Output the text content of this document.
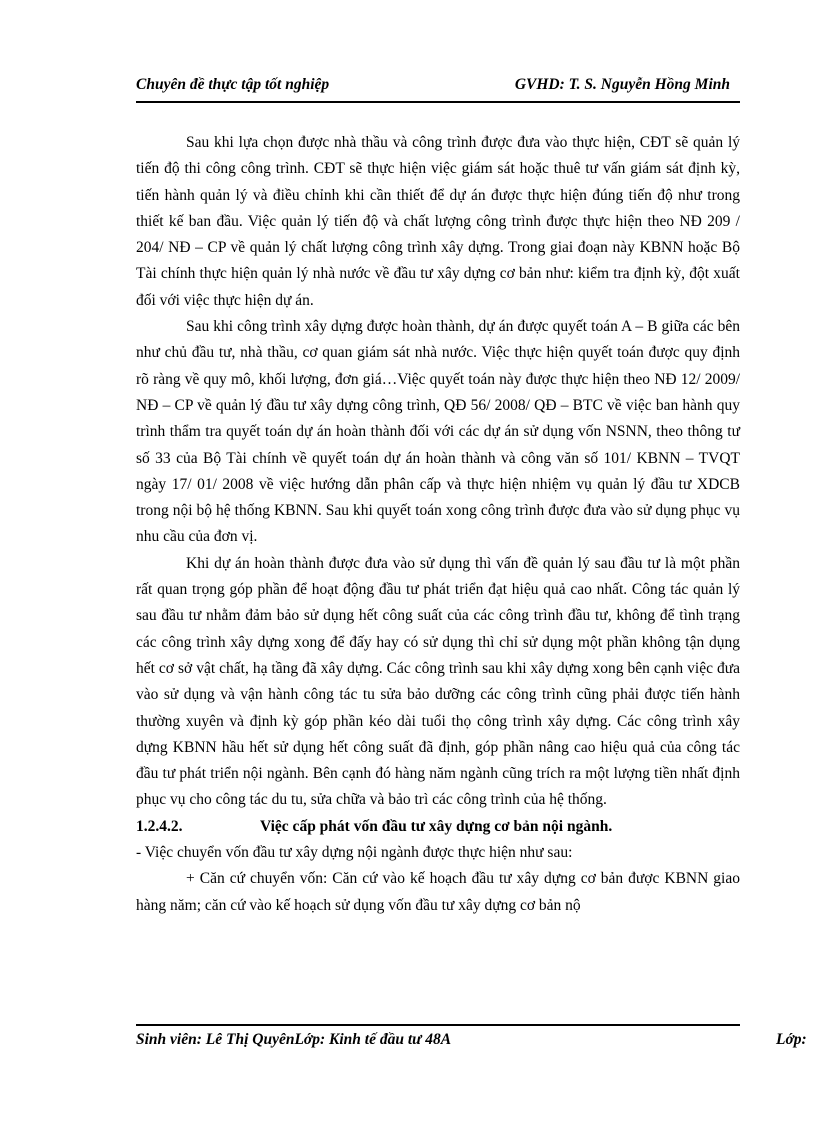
Chuyên đề thực tập tốt nghiệp	GVHD: T. S. Nguyễn Hồng Minh

Sau khi lựa chọn được nhà thầu và công trình được đưa vào thực hiện, CĐT sẽ quản lý tiến độ thi công công trình. CĐT sẽ thực hiện việc giám sát hoặc thuê tư vấn giám sát định kỳ, tiến hành quản lý và điều chỉnh khi cần thiết để dự án được thực hiện đúng tiến độ như trong thiết kế ban đầu. Việc quản lý tiến độ và chất lượng công trình được thực hiện theo NĐ 209 / 204/ NĐ – CP về quản lý chất lượng công trình xây dựng. Trong giai đoạn này KBNN hoặc Bộ Tài chính thực hiện quản lý nhà nước về đầu tư xây dựng cơ bản như: kiểm tra định kỳ, đột xuất đối với việc thực hiện dự án.

Sau khi công trình xây dựng được hoàn thành, dự án được quyết toán A – B giữa các bên như chủ đầu tư, nhà thầu, cơ quan giám sát nhà nước. Việc thực hiện quyết toán được quy định rõ ràng về quy mô, khối lượng, đơn giá…Việc quyết toán này được thực hiện theo NĐ 12/ 2009/ NĐ – CP về quản lý đầu tư xây dựng công trình, QĐ 56/ 2008/ QĐ – BTC về việc ban hành quy trình thẩm tra quyết toán dự án hoàn thành đối với các dự án sử dụng vốn NSNN, theo thông tư số 33 của Bộ Tài chính về quyết toán dự án hoàn thành và công văn số 101/ KBNN – TVQT ngày 17/ 01/ 2008 về việc hướng dẫn phân cấp và thực hiện nhiệm vụ quản lý đầu tư XDCB trong nội bộ hệ thống KBNN. Sau khi quyết toán xong công trình được đưa vào sử dụng phục vụ nhu cầu của đơn vị.

Khi dự án hoàn thành được đưa vào sử dụng thì vấn đề quản lý sau đầu tư là một phần rất quan trọng góp phần để hoạt động đầu tư phát triển đạt hiệu quả cao nhất. Công tác quản lý sau đầu tư nhằm đảm bảo sử dụng hết công suất của các công trình đầu tư, không để tình trạng các công trình xây dựng xong để đấy hay có sử dụng thì chỉ sử dụng một phần không tận dụng hết cơ sở vật chất, hạ tầng đã xây dựng. Các công trình sau khi xây dựng xong bên cạnh việc đưa vào sử dụng và vận hành công tác tu sửa bảo dưỡng các công trình cũng phải được tiến hành thường xuyên và định kỳ góp phần kéo dài tuổi thọ công trình xây dựng. Các công trình xây dựng KBNN hầu hết sử dụng hết công suất đã định, góp phần nâng cao hiệu quả của công tác đầu tư phát triển nội ngành. Bên cạnh đó hàng năm ngành cũng trích ra một lượng tiền nhất định phục vụ cho công tác du tu, sửa chữa và bảo trì các công trình của hệ thống.

1.2.4.2.	Việc cấp phát vốn đầu tư xây dựng cơ bản nội ngành.

- Việc chuyển vốn đầu tư xây dựng nội ngành được thực hiện như sau:

+ Căn cứ chuyển vốn: Căn cứ vào kế hoạch đầu tư xây dựng cơ bản được KBNN giao hàng năm; căn cứ vào kế hoạch sử dụng vốn đầu tư xây dựng cơ bản nộ

Sinh viên: Lê Thị QuyênLớp: Kinh tế đầu tư 48A	Lớp:
